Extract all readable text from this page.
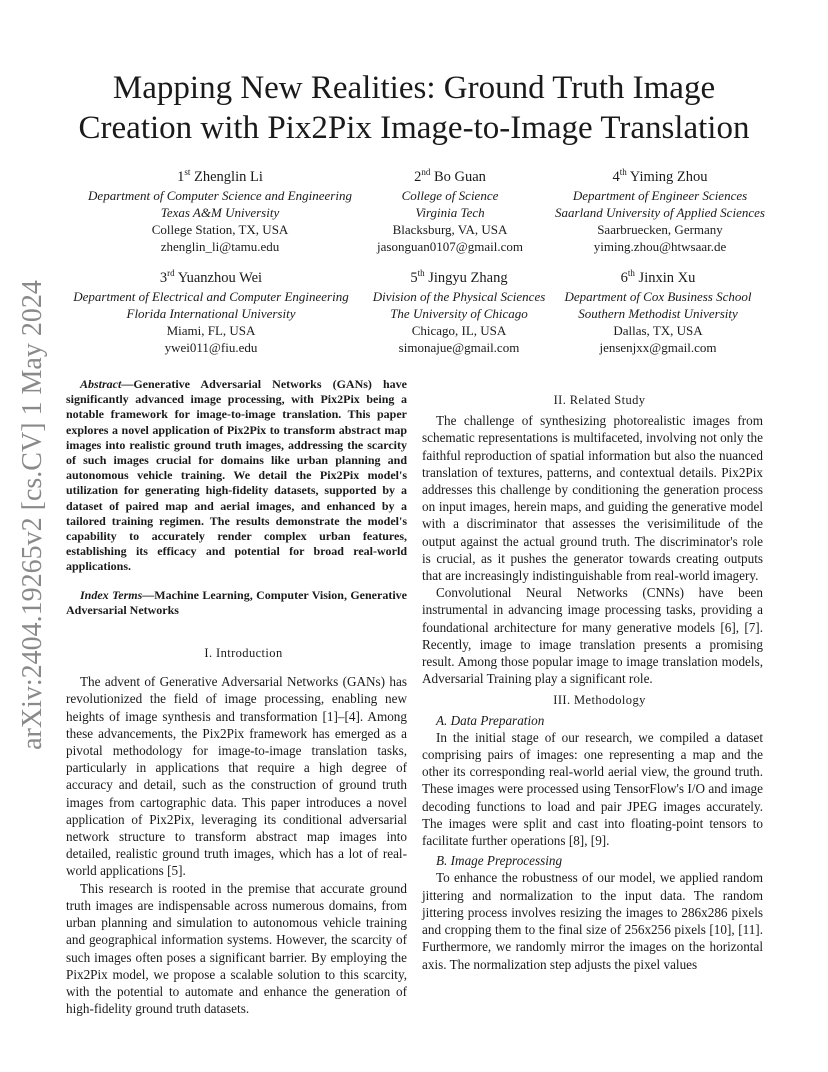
Mapping New Realities: Ground Truth Image
Creation with Pix2Pix Image-to-Image Translation
1st Zhenglin Li
Department of Computer Science and Engineering
Texas A&M University
College Station, TX, USA
zhenglin_li@tamu.edu
2nd Bo Guan
College of Science
Virginia Tech
Blacksburg, VA, USA
jasonguan0107@gmail.com
4th Yiming Zhou
Department of Engineer Sciences
Saarland University of Applied Sciences
Saarbruecken, Germany
yiming.zhou@htwsaar.de
3rd Yuanzhou Wei
Department of Electrical and Computer Engineering
Florida International University
Miami, FL, USA
ywei011@fiu.edu
5th Jingyu Zhang
Division of the Physical Sciences
The University of Chicago
Chicago, IL, USA
simonajue@gmail.com
6th Jinxin Xu
Department of Cox Business School
Southern Methodist University
Dallas, TX, USA
jensenjxx@gmail.com
arXiv:2404.19265v2 [cs.CV] 1 May 2024	Abstract—Generative Adversarial Networks (GANs) have significantly advanced image processing, with Pix2Pix being a notable framework for image-to-image translation. This paper explores a novel application of Pix2Pix to transform abstract map images into realistic ground truth images, addressing the scarcity of such images crucial for domains like urban planning and autonomous vehicle training. We detail the Pix2Pix model's utilization for generating high-fidelity datasets, supported by a dataset of paired map and aerial images, and enhanced by a tailored training regimen. The results demonstrate the model's capability to accurately render complex urban features, establishing its efficacy and potential for broad real-world applications.

Index Terms—Machine Learning, Computer Vision, Generative Adversarial Networks

I. Introduction

The advent of Generative Adversarial Networks (GANs) has revolutionized the field of image processing, enabling new heights of image synthesis and transformation [1]–[4]. Among these advancements, the Pix2Pix framework has emerged as a pivotal methodology for image-to-image translation tasks, particularly in applications that require a high degree of accuracy and detail, such as the construction of ground truth images from cartographic data. This paper introduces a novel application of Pix2Pix, leveraging its conditional adversarial network structure to transform abstract map images into detailed, realistic ground truth images, which has a lot of real-world applications [5].

This research is rooted in the premise that accurate ground truth images are indispensable across numerous domains, from urban planning and simulation to autonomous vehicle training and geographical information systems. However, the scarcity of such images often poses a significant barrier. By employing the Pix2Pix model, we propose a scalable solution to this scarcity, with the potential to automate and enhance the generation of high-fidelity ground truth datasets.

II. Related Study

The challenge of synthesizing photorealistic images from schematic representations is multifaceted, involving not only the faithful reproduction of spatial information but also the nuanced translation of textures, patterns, and contextual details. Pix2Pix addresses this challenge by conditioning the generation process on input images, herein maps, and guiding the generative model with a discriminator that assesses the verisimilitude of the output against the actual ground truth. The discriminator's role is crucial, as it pushes the generator towards creating outputs that are increasingly indistinguishable from real-world imagery.

Convolutional Neural Networks (CNNs) have been instrumental in advancing image processing tasks, providing a foundational architecture for many generative models [6], [7]. Recently, image to image translation presents a promising result. Among those popular image to image translation models, Adversarial Training play a significant role.

III. Methodology

A. Data Preparation

In the initial stage of our research, we compiled a dataset comprising pairs of images: one representing a map and the other its corresponding real-world aerial view, the ground truth. These images were processed using TensorFlow's I/O and image decoding functions to load and pair JPEG images accurately. The images were split and cast into floating-point tensors to facilitate further operations [8], [9].

B. Image Preprocessing

To enhance the robustness of our model, we applied random jittering and normalization to the input data. The random jittering process involves resizing the images to 286x286 pixels and cropping them to the final size of 256x256 pixels [10], [11]. Furthermore, we randomly mirror the images on the horizontal axis. The normalization step adjusts the pixel values
